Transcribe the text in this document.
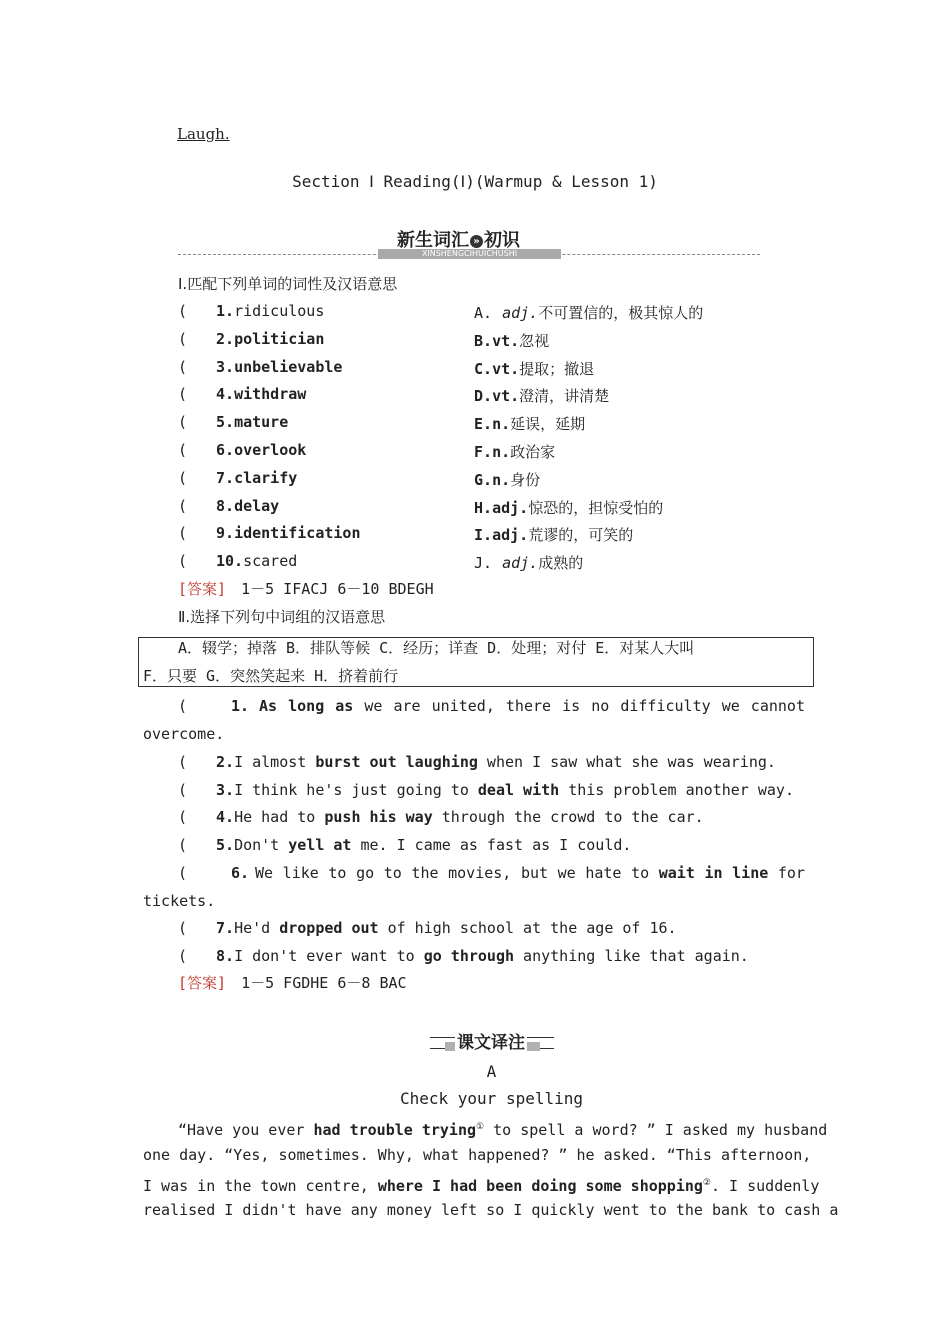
Laugh.
Section Ⅰ Reading(Ⅰ)(Warmup & Lesson 1)
XINSHENGCIHUICHUSHI
新生词汇 » 初识
Ⅰ.匹配下列单词的词性及汉语意思
( 1.ridiculous	A. adj.不可置信的，极其惊人的
( 2.politician	B.vt.忽视
( 3.unbelievable	C.vt.提取；撤退
( 4.withdraw	D.vt.澄清，讲清楚
( 5.mature	E.n.延误，延期
( 6.overlook	F.n.政治家
( 7.clarify	G.n.身份
( 8.delay	H.adj.惊恐的，担惊受怕的
( 9.identification	I.adj.荒谬的，可笑的
( 10.scared	J. adj.成熟的
[答案] 1－5 IFACJ 6－10 BDEGH
Ⅱ.选择下列句中词组的汉语意思
A．辍学；掉落 B．排队等候 C．经历；详查 D．处理；对付 E．对某人大叫
F．只要 G．突然笑起来 H．挤着前行
(	1. As long as we are united, there is no difficulty we cannot
overcome.
( 2.I almost burst out laughing when I saw what she was wearing.
( 3.I think he's just going to deal with this problem another way.
( 4.He had to push his way through the crowd to the car.
( 5.Don't yell at me. I came as fast as I could.
(	6. We like to go to the movies, but we hate to wait in line for
tickets.
( 7.He'd dropped out of high school at the age of 16.
( 8.I don't ever want to go through anything like that again.
[答案] 1－5 FGDHE 6－8 BAC
课文译注
A
Check your spelling
“Have you ever had trouble trying① to spell a word? ” I asked my husband
one day. “Yes, sometimes. Why, what happened? ” he asked. “This afternoon,
I was in the town centre, where I had been doing some shopping②. I suddenly
realised I didn't have any money left so I quickly went to the bank to cash a
